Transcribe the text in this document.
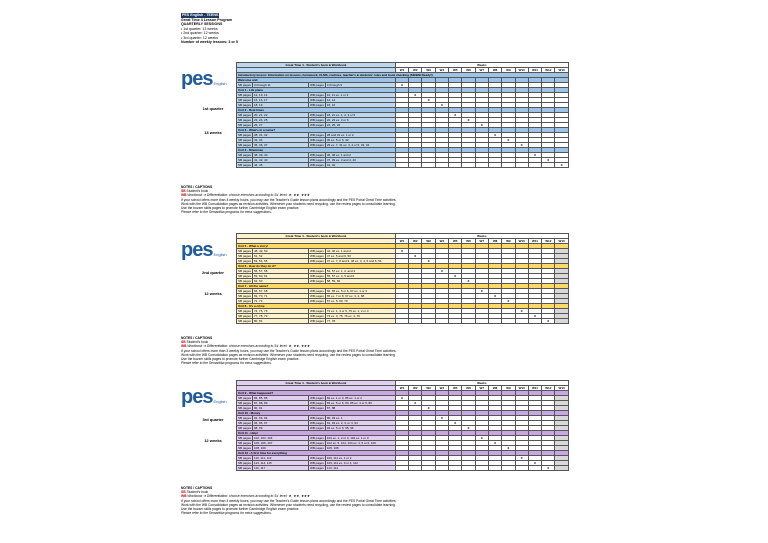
PES English - TEENS
Great Time 4 Lesson Program
QUARTERLY SESSIONS
• 1st quarter: 13 weeks
• 2nd quarter: 12 weeks
• 3rd quarter: 12 weeks
Number of weekly lessons: 3 or 5
pes English
1st quarter
13 weeks
Great Time 4 - Student's book & Workbook				Weeks												
				W1	W2	W3	W4	W5	W6	W7	W8	W9	W10	W11	W12	W13
Introductory lesson: Information on lessons, homework, CLMS, routines, teacher's & students' roles and book checking (SB/WB Ready!)																
Welcome unit																
SB pages	3 through 11	WB pages	3 through 9	X												
Unit 1 - Life plans																
SB pages	12, 13, 14	WB pages	10, 11 ex. 1 or 3		X											
SB pages	15, 16, 17	WB pages	12, 14			X										
SB pages	18, 19	WB pages	15, 16				X									
Unit 2 - Real times																
SB pages	20, 21, 22	WB pages	18, 21 ex. 1, 2, 3 or 5					X								
SB pages	23, 24, 25	WB pages	22, 23 ex. 3 or 6						X							
SB pages	26, 27	WB pages	24, 25, 26							X						
Unit 3 - What's in a name?																
SB pages	28, 31, 32	WB pages	28 and 31 ex. 1 or 2								X					
SB pages	33, 34	WB pages	30 ex. 5 or 6, 32									X				
SB pages	35, 36, 37	WB pages	29 ex. 7, 31 ex. 3, 4 or 5, 33, 34										X			
Unit 4 - Dilemmas																
SB pages	38, 39, 40	WB pages	36, 38 ex. 1 and 2											X		
SB pages	41, 42, 43	WB pages	37, 39 ex. 3 and 4, 40												X	
SB pages	44, 45	WB pages	41, 42													X
pes English
2nd quarter
12 weeks
Great Time 4 - Student's book & Workbook				Weeks												
				W1	W2	W3	W4	W5	W6	W7	W8	W9	W10	W11	W12	W13
Unit 5 - What a story!																
SB pages	48, 49, 50	WB pages	44, 46 ex. 1 and 2	X												
SB pages	51, 52	WB pages	47 ex. 5 and 6, 50		X											
SB pages	53, 54, 55	WB pages	47 ex. 7, 8 and 9, 48 ex. 3, 4, 5 and 6, 51			X										
Unit 6 - How do they do it?																
SB pages	56, 57, 58	WB pages	54, 57 ex. 1, 2, and 3				X									
SB pages	59, 60, 61	WB pages	55, 57 ex. 4, 5 and 6					X								
SB pages	62, 63	WB pages	58, 59, 60						X							
Unit 7 - All the same?																
SB pages	66, 67, 68	WB pages	60, 65 ex. 5 or 6, 67 ex. 1 or 3							X						
SB pages	69, 70, 71	WB pages	65 ex. 7 or 8, 67 ex. 3, 4, 68								X					
SB pages	72, 73	WB pages	67 ex. 5, 69, 70									X				
Unit 8 - It's a crime																
SB pages	74, 75, 76	WB pages	72 ex. 1, 3 or 5, 75 ex. 1, 2 or 3										X			
SB pages	77, 78, 79	WB pages	73 ex. 3, 75, 76 ex. 4, 76											X		
SB pages	80, 81	WB pages	77, 78												X	
pes English
3rd quarter
12 weeks
Great Time 4 - Student's book & Workbook				Weeks												
				W1	W2	W3	W4	W5	W6	W7	W8	W9	W10	W11	W12	W13
Unit 9 - What happened?																
SB pages	84, 85, 86	WB pages	82 ex. 1 or 3, 85 ex. 1 or 2	X												
SB pages	87, 88, 89	WB pages	83 ex. 5 or 6, 83, 85 ex. 3 or 5, 86		X											
SB pages	90, 91	WB pages	87, 88			X										
Unit 10 - Money																
SB pages	92, 93, 94	WB pages	90, 93 ex. 1				X									
SB pages	95, 96, 97	WB pages	91, 93 ex. 2, 3, or 4, 94					X								
SB pages	98, 99	WB pages	92 ex. 5 or 6, 95, 96						X							
Unit 11 - Help!																
SB pages	102, 103, 104	WB pages	100 ex. 1, 2 or 3, 104 ex. 1 or 3							X						
SB pages	105, 106, 107	WB pages	102 ex. 5, 102, 104 ex. 4, 5 or 6, 106								X					
SB pages	108, 109	WB pages	105, 108									X				
Unit 12 - A first time for everything																
SB pages	110, 111, 112	WB pages	109, 111 ex. 1 or 2										X			
SB pages	113, 114, 115	WB pages	109, 111 ex. 3 or 4, 112											X		
SB pages	116, 117	WB pages	113, 114												X	
NOTES / CAPTIONS
SB Student's book
WB Workbook ➜ Differentiation: choose exercises according to Ss' level: ★, ★★, ★★★
If your school offers more than 3 weekly hours, you may use the Teacher's Guide lesson plans accordingly and the PES Portal Great Time activities.
Work with the WB Consolidation pages as revision activities. Whenever your students need recycling, use the review pages to consolidate learning.
Use the buzzer skills pages to promote further Cambridge English exam practice.
Please refer to the Semantika programs for extra suggestions.
NOTES / CAPTIONS
SB Student's book
WB Workbook ➜ Differentiation: choose exercises according to Ss' level: ★, ★★, ★★★
If your school offers more than 3 weekly hours, you may use the Teacher's Guide lesson plans accordingly and the PES Portal Great Time activities.
Work with the WB Consolidation pages as revision activities. Whenever your students need recycling, use the review pages to consolidate learning.
Use the buzzer skills pages to promote further Cambridge English exam practice.
Please refer to the Semantika programs for extra suggestions.
NOTES / CAPTIONS
SB Student's book
WB Workbook ➜ Differentiation: choose exercises according to Ss' level: ★, ★★, ★★★
If your school offers more than 3 weekly hours, you may use the Teacher's Guide lesson plans accordingly and the PES Portal Great Time activities.
Work with the WB Consolidation pages as revision activities. Whenever your students need recycling, use the review pages to consolidate learning.
Use the buzzer skills pages to promote further Cambridge English exam practice.
Please refer to the Semantika programs for extra suggestions.
